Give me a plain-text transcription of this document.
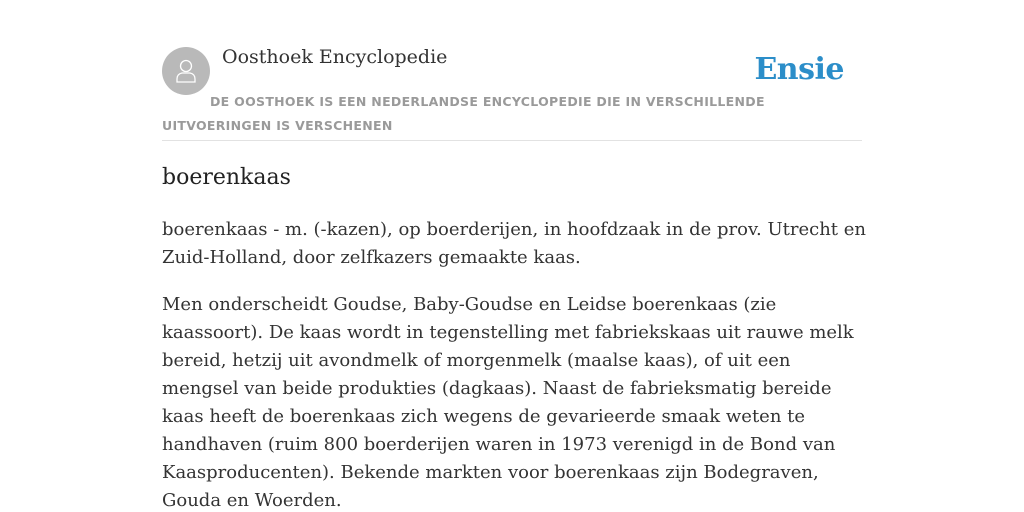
Oosthoek Encyclopedie	Ensie
DE OOSTHOEK IS EEN NEDERLANDSE ENCYCLOPEDIE DIE IN VERSCHILLENDE UITVOERINGEN IS VERSCHENEN
boerenkaas

boerenkaas - m. (-kazen), op boerderijen, in hoofdzaak in de prov. Utrecht en Zuid-Holland, door zelfkazers gemaakte kaas.

Men onderscheidt Goudse, Baby-Goudse en Leidse boerenkaas (zie kaassoort). De kaas wordt in tegenstelling met fabriekskaas uit rauwe melk bereid, hetzij uit avondmelk of morgenmelk (maalse kaas), of uit een mengsel van beide produkties (dagkaas). Naast de fabrieksmatig bereide kaas heeft de boerenkaas zich wegens de gevarieerde smaak weten te handhaven (ruim 800 boerderijen waren in 1973 verenigd in de Bond van Kaasproducenten). Bekende markten voor boerenkaas zijn Bodegraven, Gouda en Woerden.
